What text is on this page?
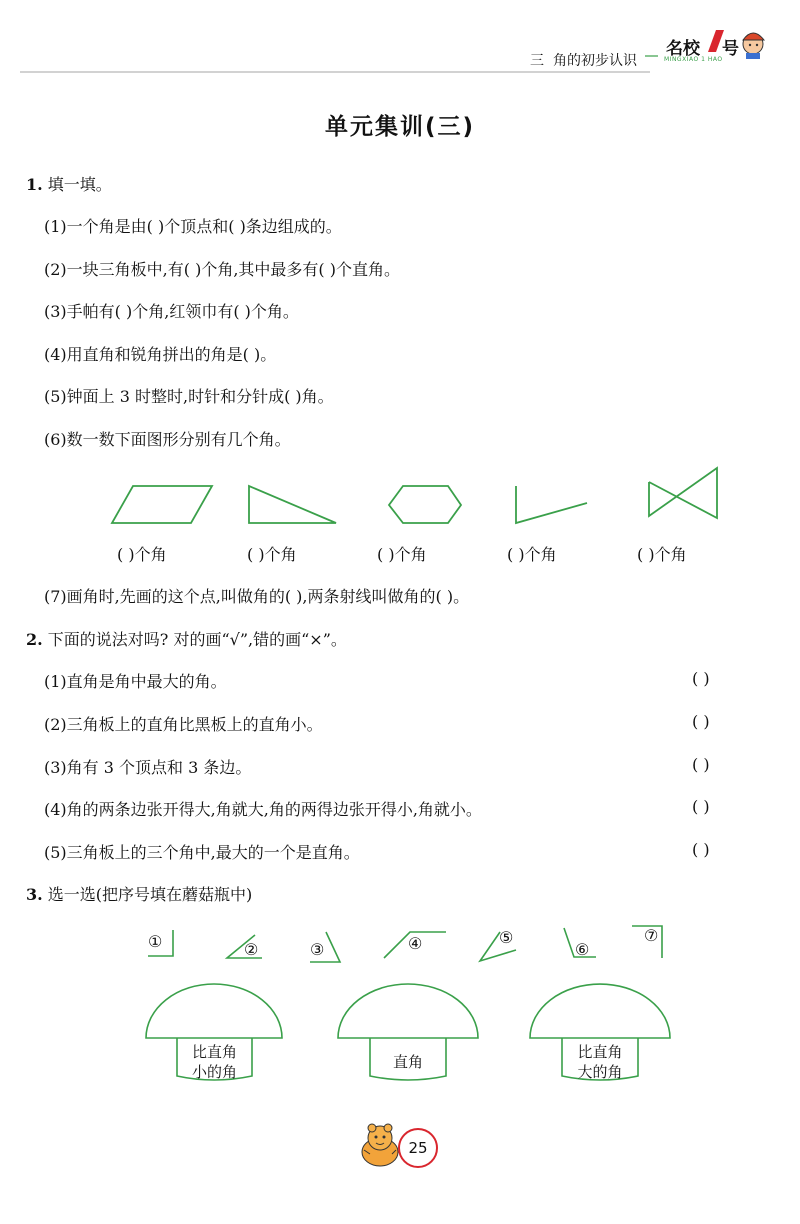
三 角的初步认识
名校 号
MINGXIAO 1 HAO
单元集训(三)
1. 填一填。
(1)一个角是由( )个顶点和( )条边组成的。
(2)一块三角板中,有( )个角,其中最多有( )个直角。
(3)手帕有( )个角,红领巾有( )个角。
(4)用直角和锐角拼出的角是( )。
(5)钟面上 3 时整时,时针和分针成( )角。
(6)数一数下面图形分别有几个角。
( )个角	( )个角	( )个角	( )个角	( )个角
(7)画角时,先画的这个点,叫做角的( ),两条射线叫做角的( )。
2. 下面的说法对吗? 对的画“√”,错的画“×”。
(1)直角是角中最大的角。	( )
(2)三角板上的直角比黑板上的直角小。	( )
(3)角有 3 个顶点和 3 条边。	( )
(4)角的两条边张开得大,角就大,角的两得边张开得小,角就小。	( )
(5)三角板上的三个角中,最大的一个是直角。	( )
3. 选一选(把序号填在蘑菇瓶中)
①	②	③	④	⑤
⑥
⑦
比直角
小的角
直角
比直角
大的角
25
